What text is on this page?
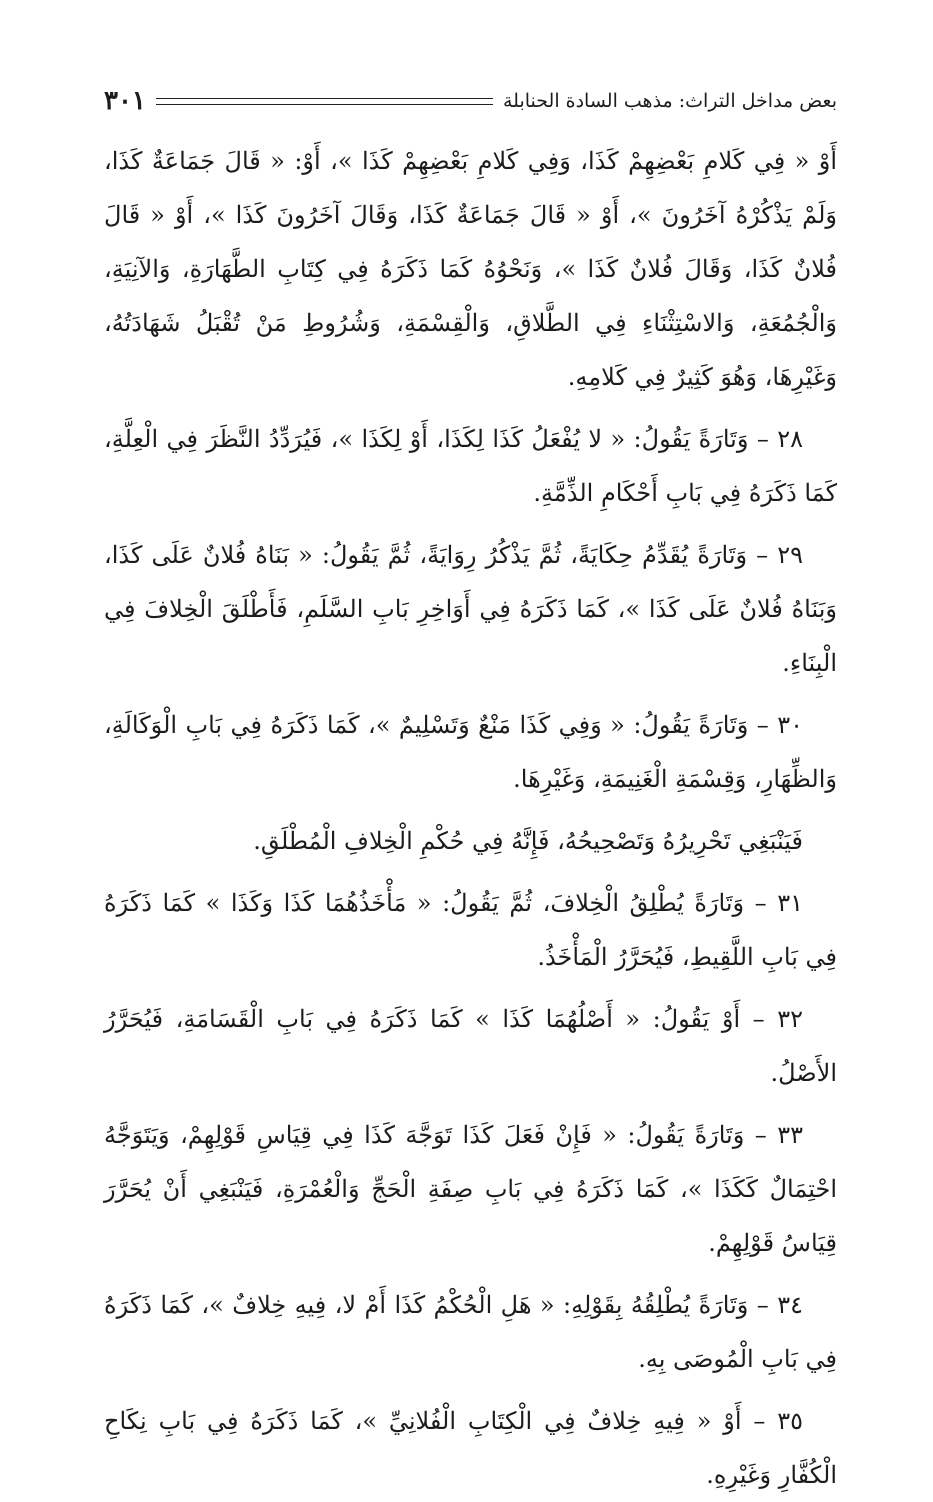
٣٠١	بعض مداخل التراث: مذهب السادة الحنابلة

أَوْ « فِي كَلامِ بَعْضِهِمْ كَذَا، وَفِي كَلامِ بَعْضِهِمْ كَذَا »، أَوْ: « قَالَ جَمَاعَةٌ كَذَا، وَلَمْ يَذْكُرْهُ آخَرُونَ »، أَوْ « قَالَ جَمَاعَةٌ كَذَا، وَقَالَ آخَرُونَ كَذَا »، أَوْ « قَالَ فُلانٌ كَذَا، وَقَالَ فُلانٌ كَذَا »، وَنَحْوُهُ كَمَا ذَكَرَهُ فِي كِتَابِ الطَّهَارَةِ، وَالآنِيَةِ، وَالْجُمُعَةِ، وَالاسْتِثْنَاءِ فِي الطَّلاقِ، وَالْقِسْمَةِ، وَشُرُوطِ مَنْ تُقْبَلُ شَهَادَتُهُ، وَغَيْرِهَا، وَهُوَ كَثِيرٌ فِي كَلامِهِ.

٢٨ – وَتَارَةً يَقُولُ: « لا يُفْعَلُ كَذَا لِكَذَا، أَوْ لِكَذَا »، فَيُرَدِّدُ النَّظَرَ فِي الْعِلَّةِ، كَمَا ذَكَرَهُ فِي بَابِ أَحْكَامِ الذِّمَّةِ.

٢٩ – وَتَارَةً يُقَدِّمُ حِكَايَةً، ثُمَّ يَذْكُرُ رِوَايَةً، ثُمَّ يَقُولُ: « بَنَاهُ فُلانٌ عَلَى كَذَا، وَبَنَاهُ فُلانٌ عَلَى كَذَا »، كَمَا ذَكَرَهُ فِي أَوَاخِرِ بَابِ السَّلَمِ، فَأَطْلَقَ الْخِلافَ فِي الْبِنَاءِ.

٣٠ – وَتَارَةً يَقُولُ: « وَفِي كَذَا مَنْعٌ وَتَسْلِيمٌ »، كَمَا ذَكَرَهُ فِي بَابِ الْوَكَالَةِ، وَالظِّهَارِ، وَقِسْمَةِ الْغَنِيمَةِ، وَغَيْرِهَا.

فَيَنْبَغِي تَحْرِيرُهُ وَتَصْحِيحُهُ، فَإِنَّهُ فِي حُكْمِ الْخِلافِ الْمُطْلَقِ.

٣١ – وَتَارَةً يُطْلِقُ الْخِلافَ، ثُمَّ يَقُولُ: « مَأْخَذُهُمَا كَذَا وَكَذَا » كَمَا ذَكَرَهُ فِي بَابِ اللَّقِيطِ، فَيُحَرَّرُ الْمَأْخَذُ.

٣٢ – أَوْ يَقُولُ: « أَصْلُهُمَا كَذَا » كَمَا ذَكَرَهُ فِي بَابِ الْقَسَامَةِ، فَيُحَرَّرُ الأَصْلُ.

٣٣ – وَتَارَةً يَقُولُ: « فَإِنْ فَعَلَ كَذَا تَوَجَّهَ كَذَا فِي قِيَاسِ قَوْلِهِمْ، وَيَتَوَجَّهُ احْتِمَالٌ كَكَذَا »، كَمَا ذَكَرَهُ فِي بَابِ صِفَةِ الْحَجِّ وَالْعُمْرَةِ، فَيَنْبَغِي أَنْ يُحَرَّرَ قِيَاسُ قَوْلِهِمْ.

٣٤ – وَتَارَةً يُطْلِقُهُ بِقَوْلِهِ: « هَلِ الْحُكْمُ كَذَا أَمْ لا، فِيهِ خِلافٌ »، كَمَا ذَكَرَهُ فِي بَابِ الْمُوصَى بِهِ.

٣٥ – أَوْ « فِيهِ خِلافٌ فِي الْكِتَابِ الْفُلانِيِّ »، كَمَا ذَكَرَهُ فِي بَابِ نِكَاحِ الْكُفَّارِ وَغَيْرِهِ.
